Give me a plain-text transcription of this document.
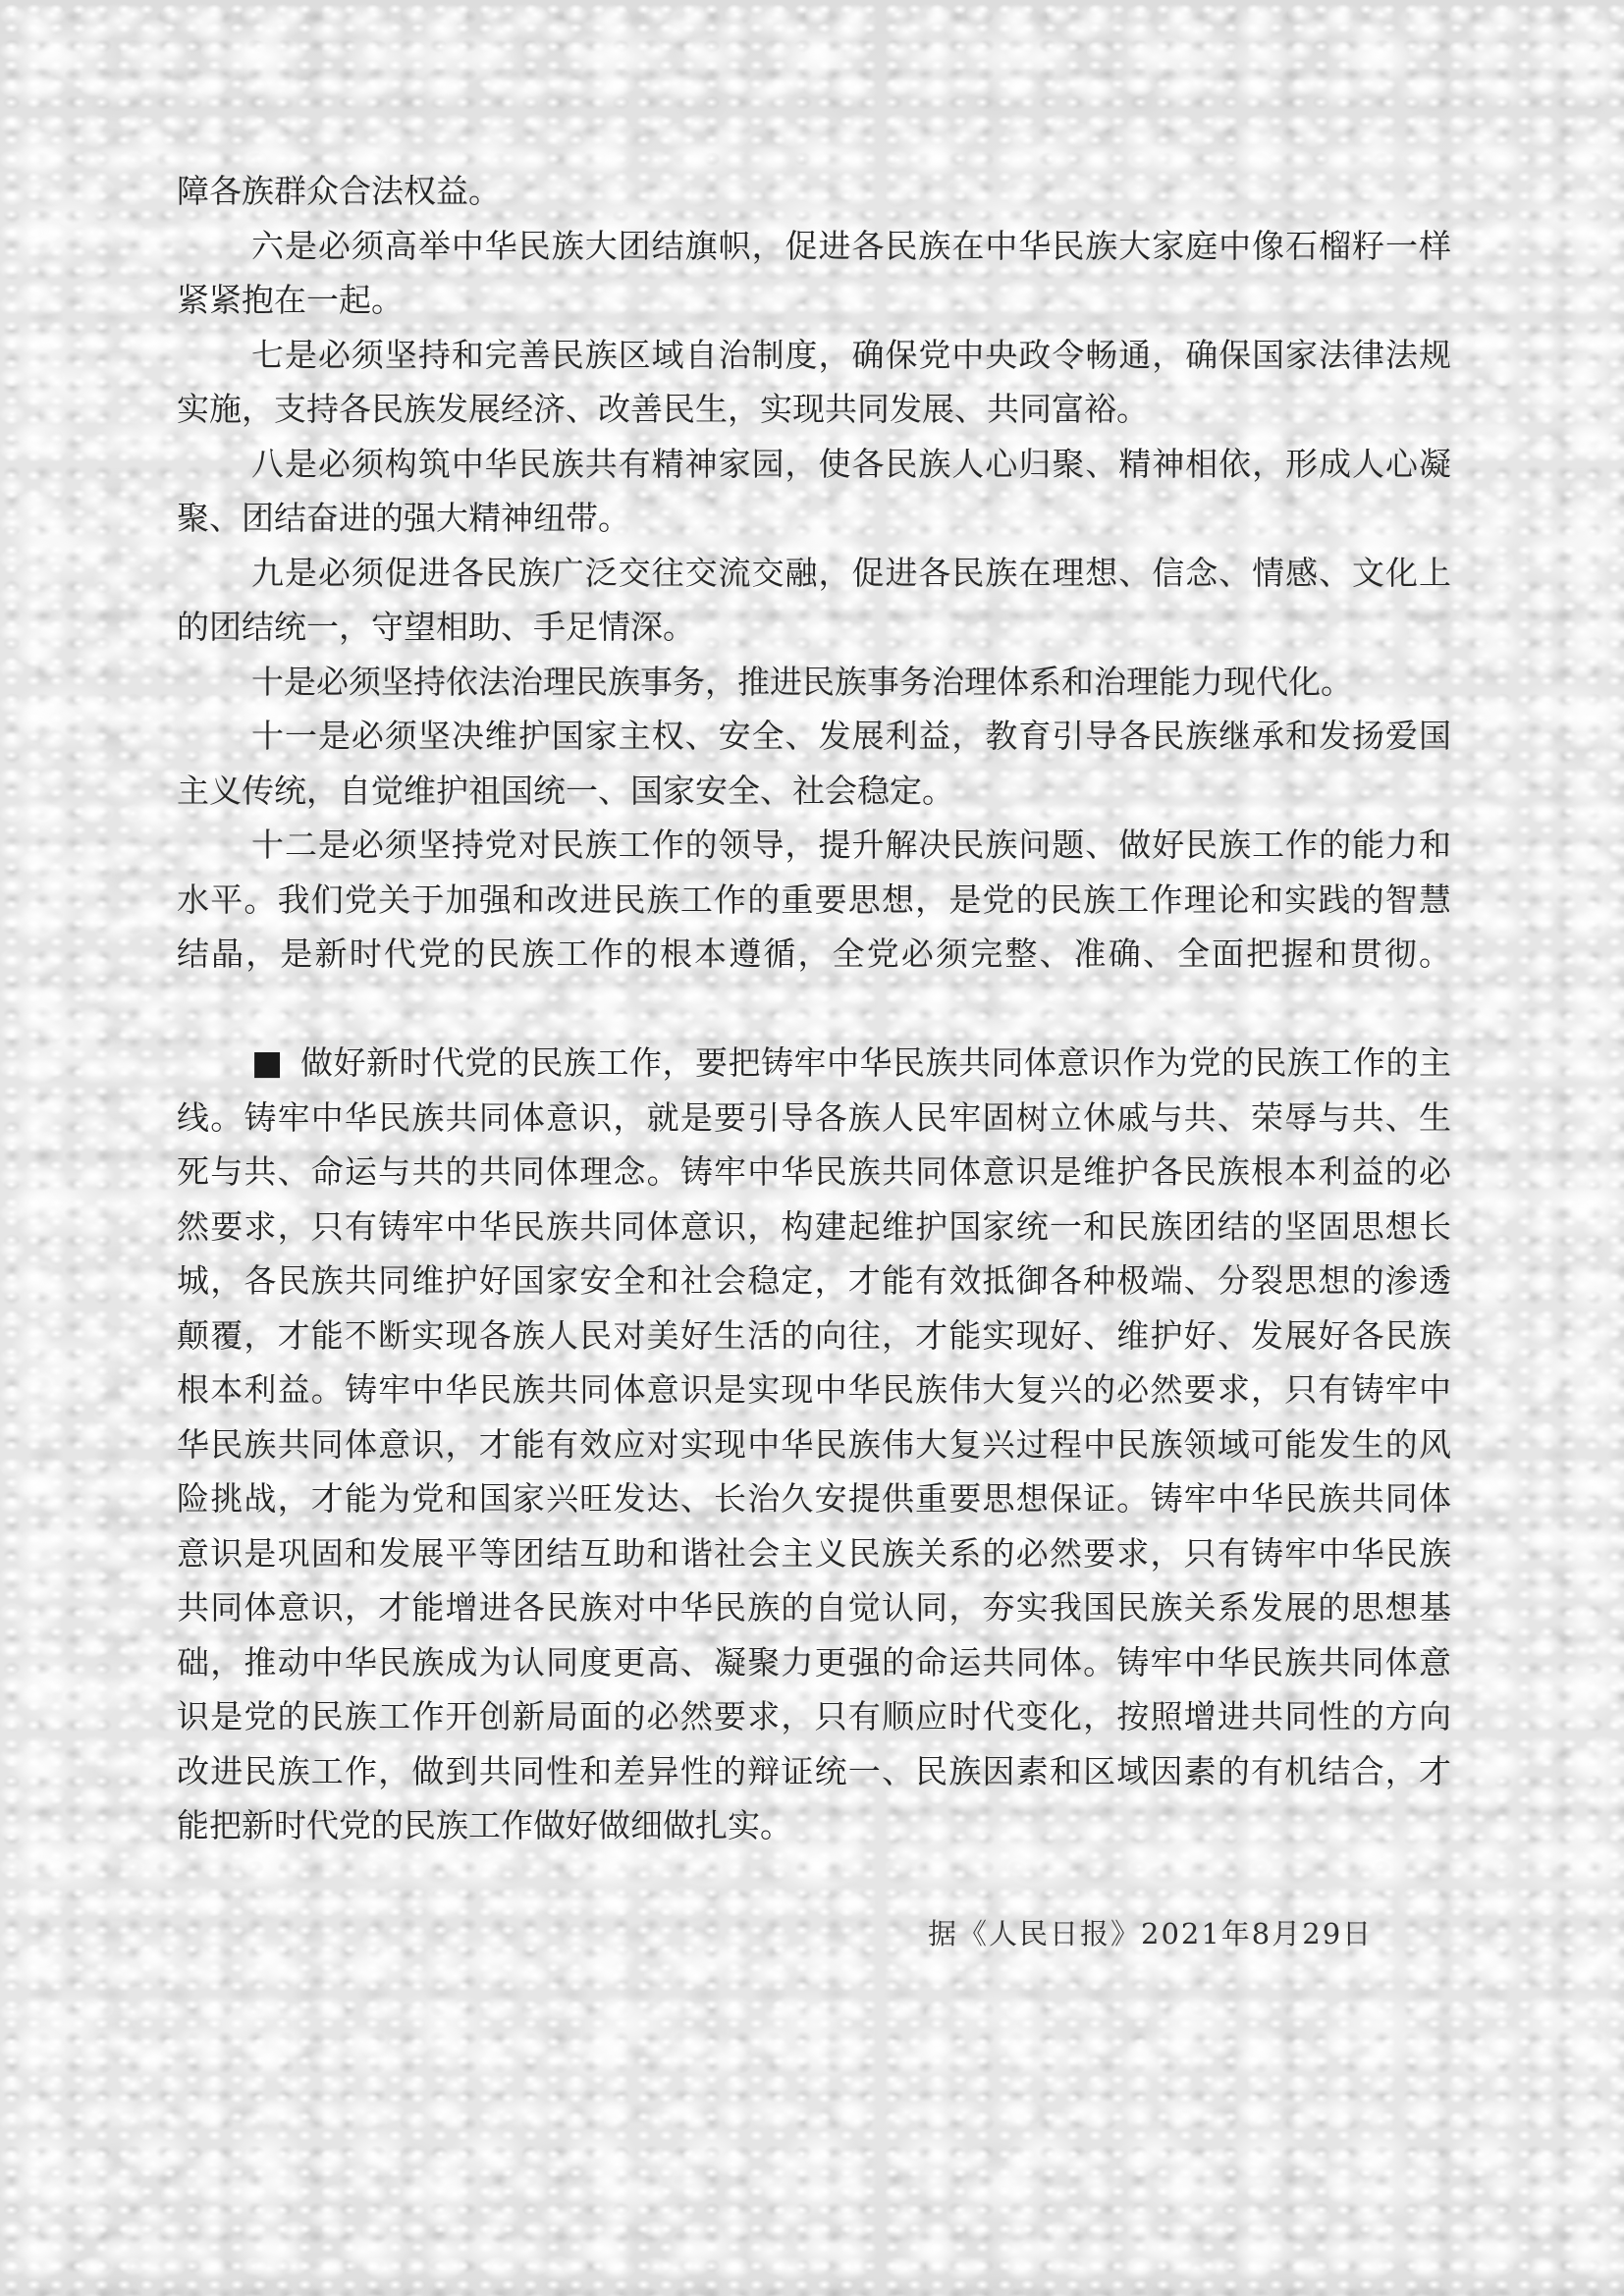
障各族群众合法权益。
六是必须高举中华民族大团结旗帜，促进各民族在中华民族大家庭中像石榴籽一样
紧紧抱在一起。
七是必须坚持和完善民族区域自治制度，确保党中央政令畅通，确保国家法律法规
实施，支持各民族发展经济、改善民生，实现共同发展、共同富裕。
八是必须构筑中华民族共有精神家园，使各民族人心归聚、精神相依，形成人心凝
聚、团结奋进的强大精神纽带。
九是必须促进各民族广泛交往交流交融，促进各民族在理想、信念、情感、文化上
的团结统一，守望相助、手足情深。
十是必须坚持依法治理民族事务，推进民族事务治理体系和治理能力现代化。
十一是必须坚决维护国家主权、安全、发展利益，教育引导各民族继承和发扬爱国
主义传统，自觉维护祖国统一、国家安全、社会稳定。
十二是必须坚持党对民族工作的领导，提升解决民族问题、做好民族工作的能力和
水平。我们党关于加强和改进民族工作的重要思想，是党的民族工作理论和实践的智慧
结晶，是新时代党的民族工作的根本遵循，全党必须完整、准确、全面把握和贯彻。
■ 做好新时代党的民族工作，要把铸牢中华民族共同体意识作为党的民族工作的主
线。铸牢中华民族共同体意识，就是要引导各族人民牢固树立休戚与共、荣辱与共、生
死与共、命运与共的共同体理念。铸牢中华民族共同体意识是维护各民族根本利益的必
然要求，只有铸牢中华民族共同体意识，构建起维护国家统一和民族团结的坚固思想长
城，各民族共同维护好国家安全和社会稳定，才能有效抵御各种极端、分裂思想的渗透
颠覆，才能不断实现各族人民对美好生活的向往，才能实现好、维护好、发展好各民族
根本利益。铸牢中华民族共同体意识是实现中华民族伟大复兴的必然要求，只有铸牢中
华民族共同体意识，才能有效应对实现中华民族伟大复兴过程中民族领域可能发生的风
险挑战，才能为党和国家兴旺发达、长治久安提供重要思想保证。铸牢中华民族共同体
意识是巩固和发展平等团结互助和谐社会主义民族关系的必然要求，只有铸牢中华民族
共同体意识，才能增进各民族对中华民族的自觉认同，夯实我国民族关系发展的思想基
础，推动中华民族成为认同度更高、凝聚力更强的命运共同体。铸牢中华民族共同体意
识是党的民族工作开创新局面的必然要求，只有顺应时代变化，按照增进共同性的方向
改进民族工作，做到共同性和差异性的辩证统一、民族因素和区域因素的有机结合，才
能把新时代党的民族工作做好做细做扎实。
据《人民日报》2021年8月29日
